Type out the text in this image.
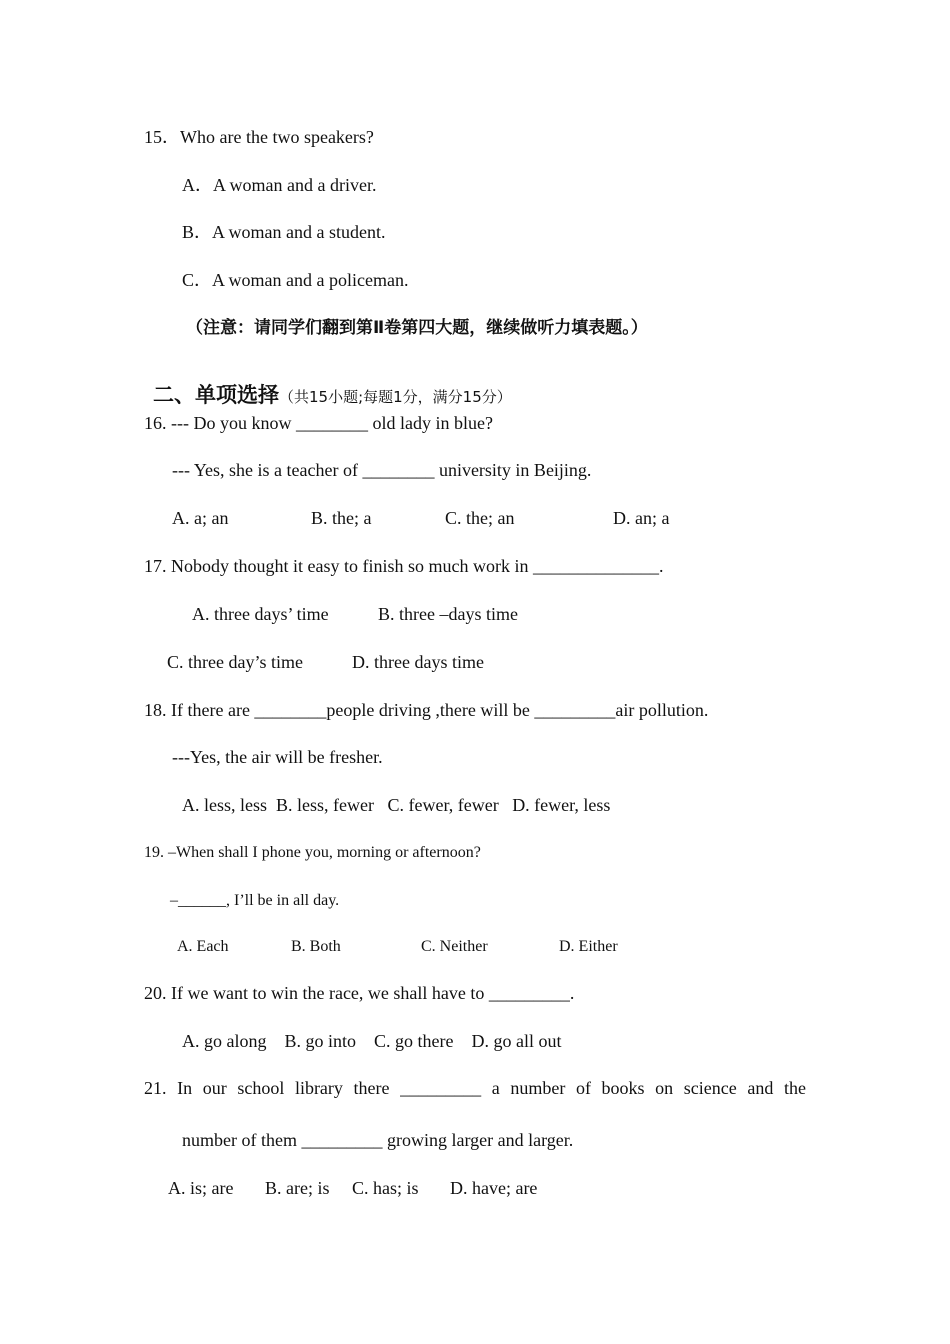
15．Who are the two speakers?
A．A woman and a driver.
B．A woman and a student.
C．A woman and a policeman.
（注意：请同学们翻到第Ⅱ卷第四大题，继续做听力填表题。）

二、单项选择（共15小题;每题1分，满分15分）

16. --- Do you know ________ old lady in blue?
--- Yes, she is a teacher of ________ university in Beijing.
A. a; an	B. the; a	C. the; an	D. an; a
17. Nobody thought it easy to finish so much work in ______________.
A. three days’ time	B. three –days time
C. three day’s time	D. three days time
18. If there are ________people driving ,there will be _________air pollution.
---Yes, the air will be fresher.
A. less, less  B. less, fewer   C. fewer, fewer   D. fewer, less
19. –When shall I phone you, morning or afternoon?
–______, I’ll be in all day.
A. Each	B. Both	C. Neither	D. Either
20. If we want to win the race, we shall have to _________.
A. go along    B. go into    C. go there    D. go all out
21. In our school library there _________ a number of books on science and the
number of them _________ growing larger and larger.
A. is; are       B. are; is     C. has; is       D. have; are
